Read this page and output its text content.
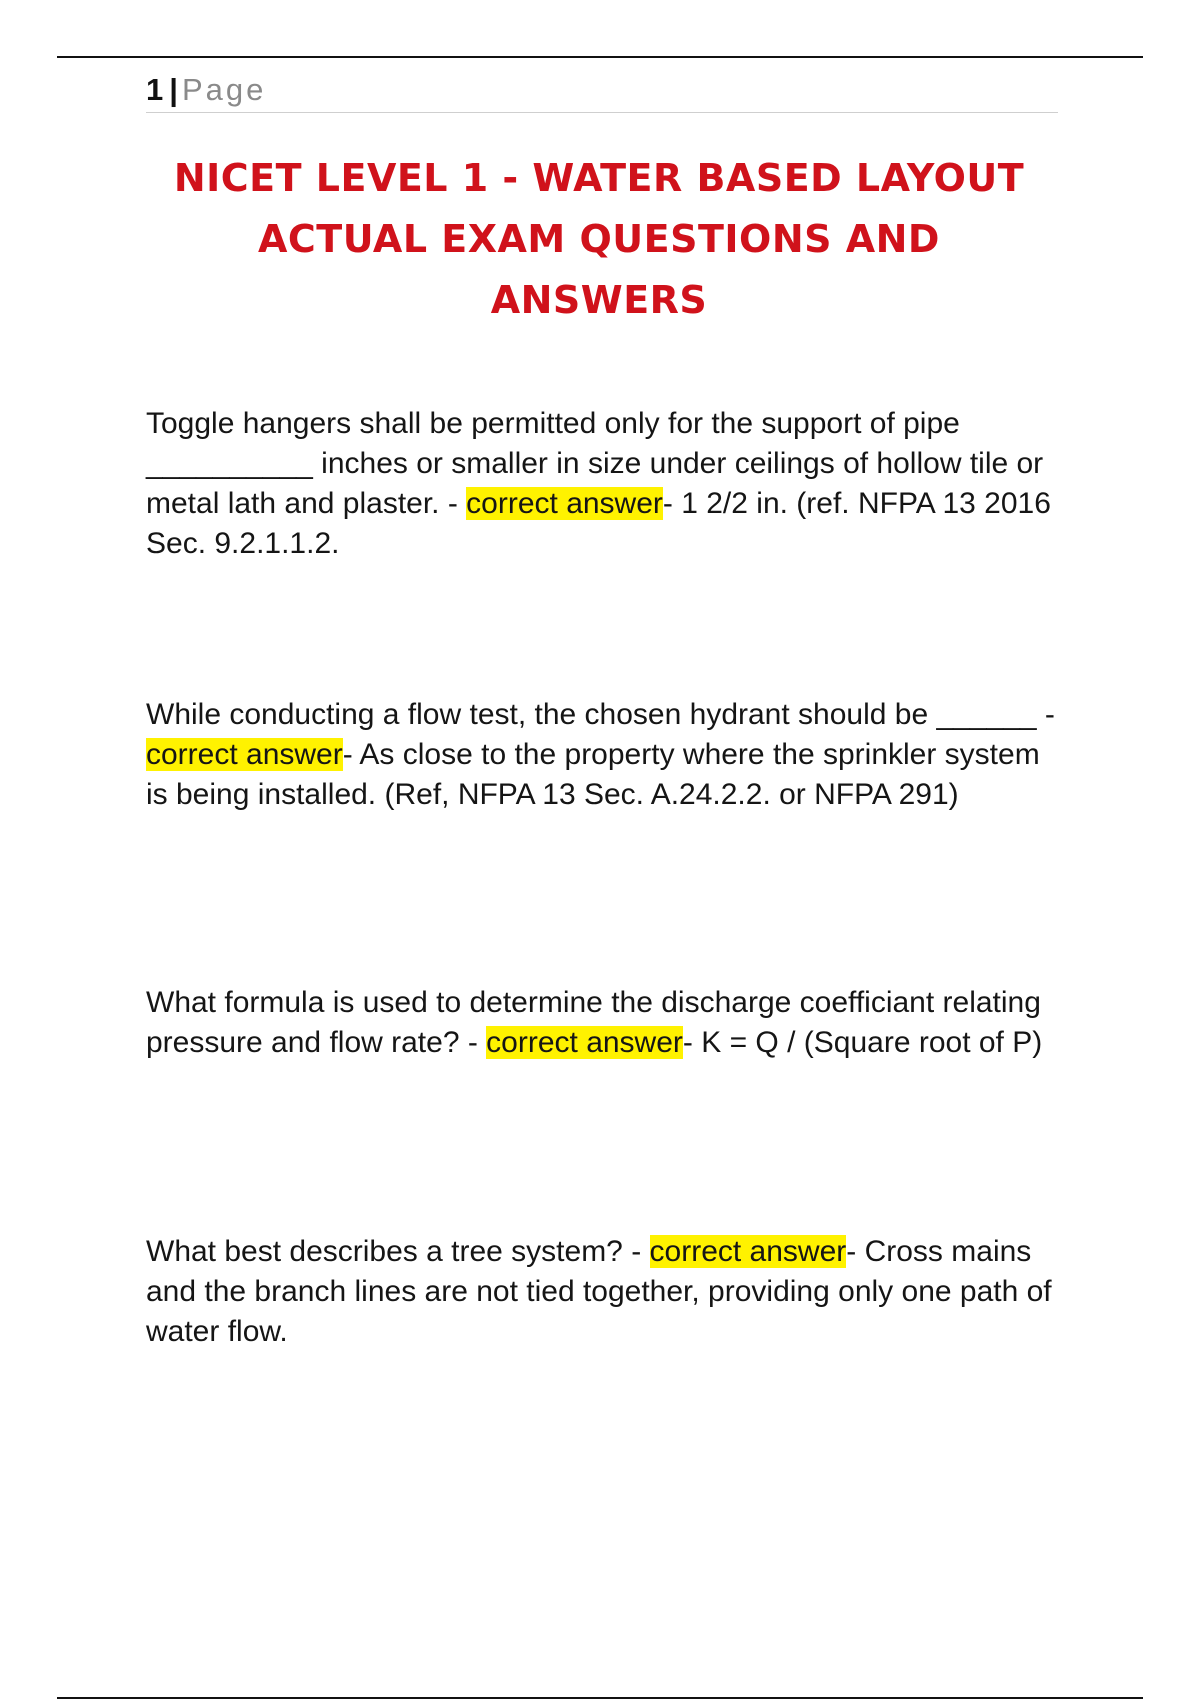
1 | Page
NICET LEVEL 1 - WATER BASED LAYOUT ACTUAL EXAM QUESTIONS AND ANSWERS

Toggle hangers shall be permitted only for the support of pipe __________ inches or smaller in size under ceilings of hollow tile or metal lath and plaster. - correct answer- 1 2/2 in. (ref. NFPA 13 2016 Sec. 9.2.1.1.2.

While conducting a flow test, the chosen hydrant should be ______ - correct answer- As close to the property where the sprinkler system is being installed. (Ref, NFPA 13 Sec. A.24.2.2. or NFPA 291)

What formula is used to determine the discharge coefficiant relating pressure and flow rate? - correct answer- K = Q / (Square root of P)

What best describes a tree system? - correct answer- Cross mains and the branch lines are not tied together, providing only one path of water flow.
